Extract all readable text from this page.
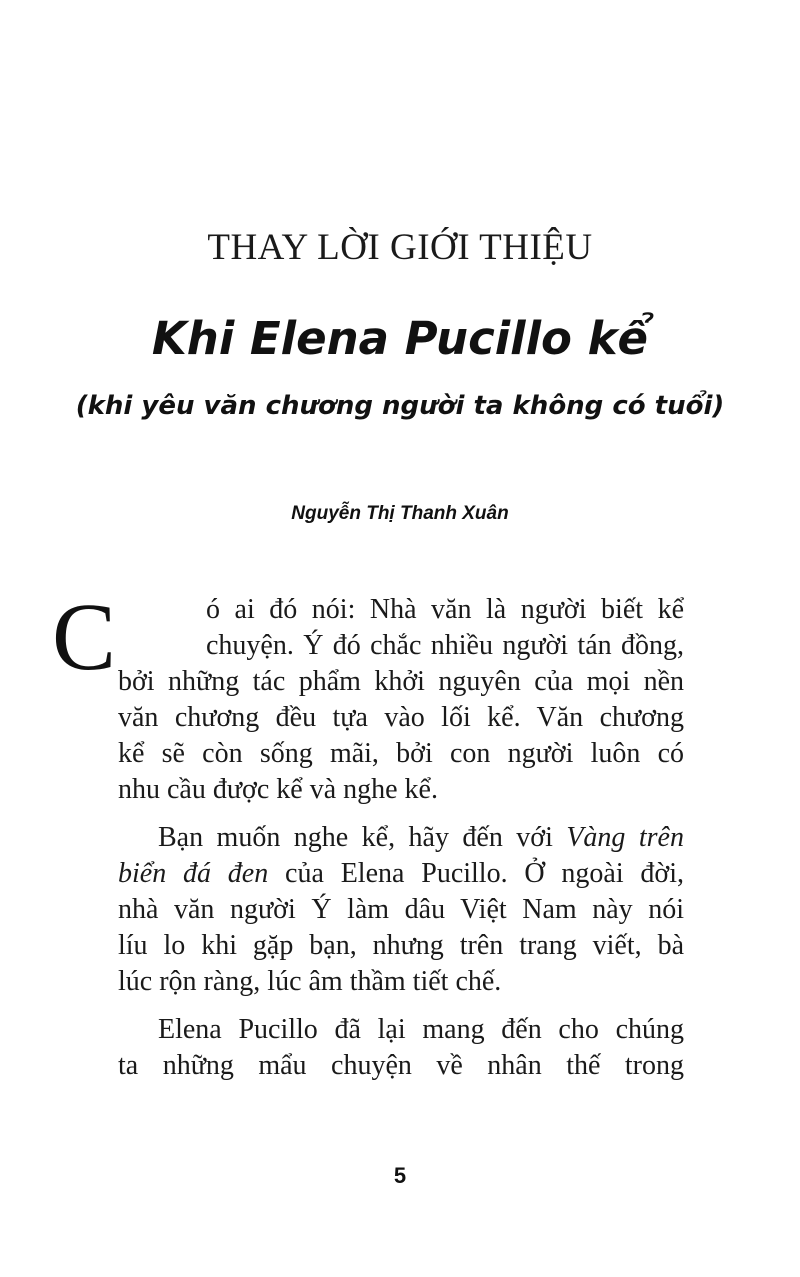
THAY LỜI GIỚI THIỆU
Khi Elena Pucillo kể
(khi yêu văn chương người ta không có tuổi)
Nguyễn Thị Thanh Xuân
C	ó ai đó nói: Nhà văn là người biết kể
chuyện. Ý đó chắc nhiều người tán đồng,
bởi những tác phẩm khởi nguyên của mọi nền
văn chương đều tựa vào lối kể. Văn chương
kể sẽ còn sống mãi, bởi con người luôn có
nhu cầu được kể và nghe kể.
Bạn muốn nghe kể, hãy đến với Vàng trên
biển đá đen của Elena Pucillo. Ở ngoài đời,
nhà văn người Ý làm dâu Việt Nam này nói
líu lo khi gặp bạn, nhưng trên trang viết, bà
lúc rộn ràng, lúc âm thầm tiết chế.
Elena Pucillo đã lại mang đến cho chúng
ta những mẩu chuyện về nhân thế trong
5
